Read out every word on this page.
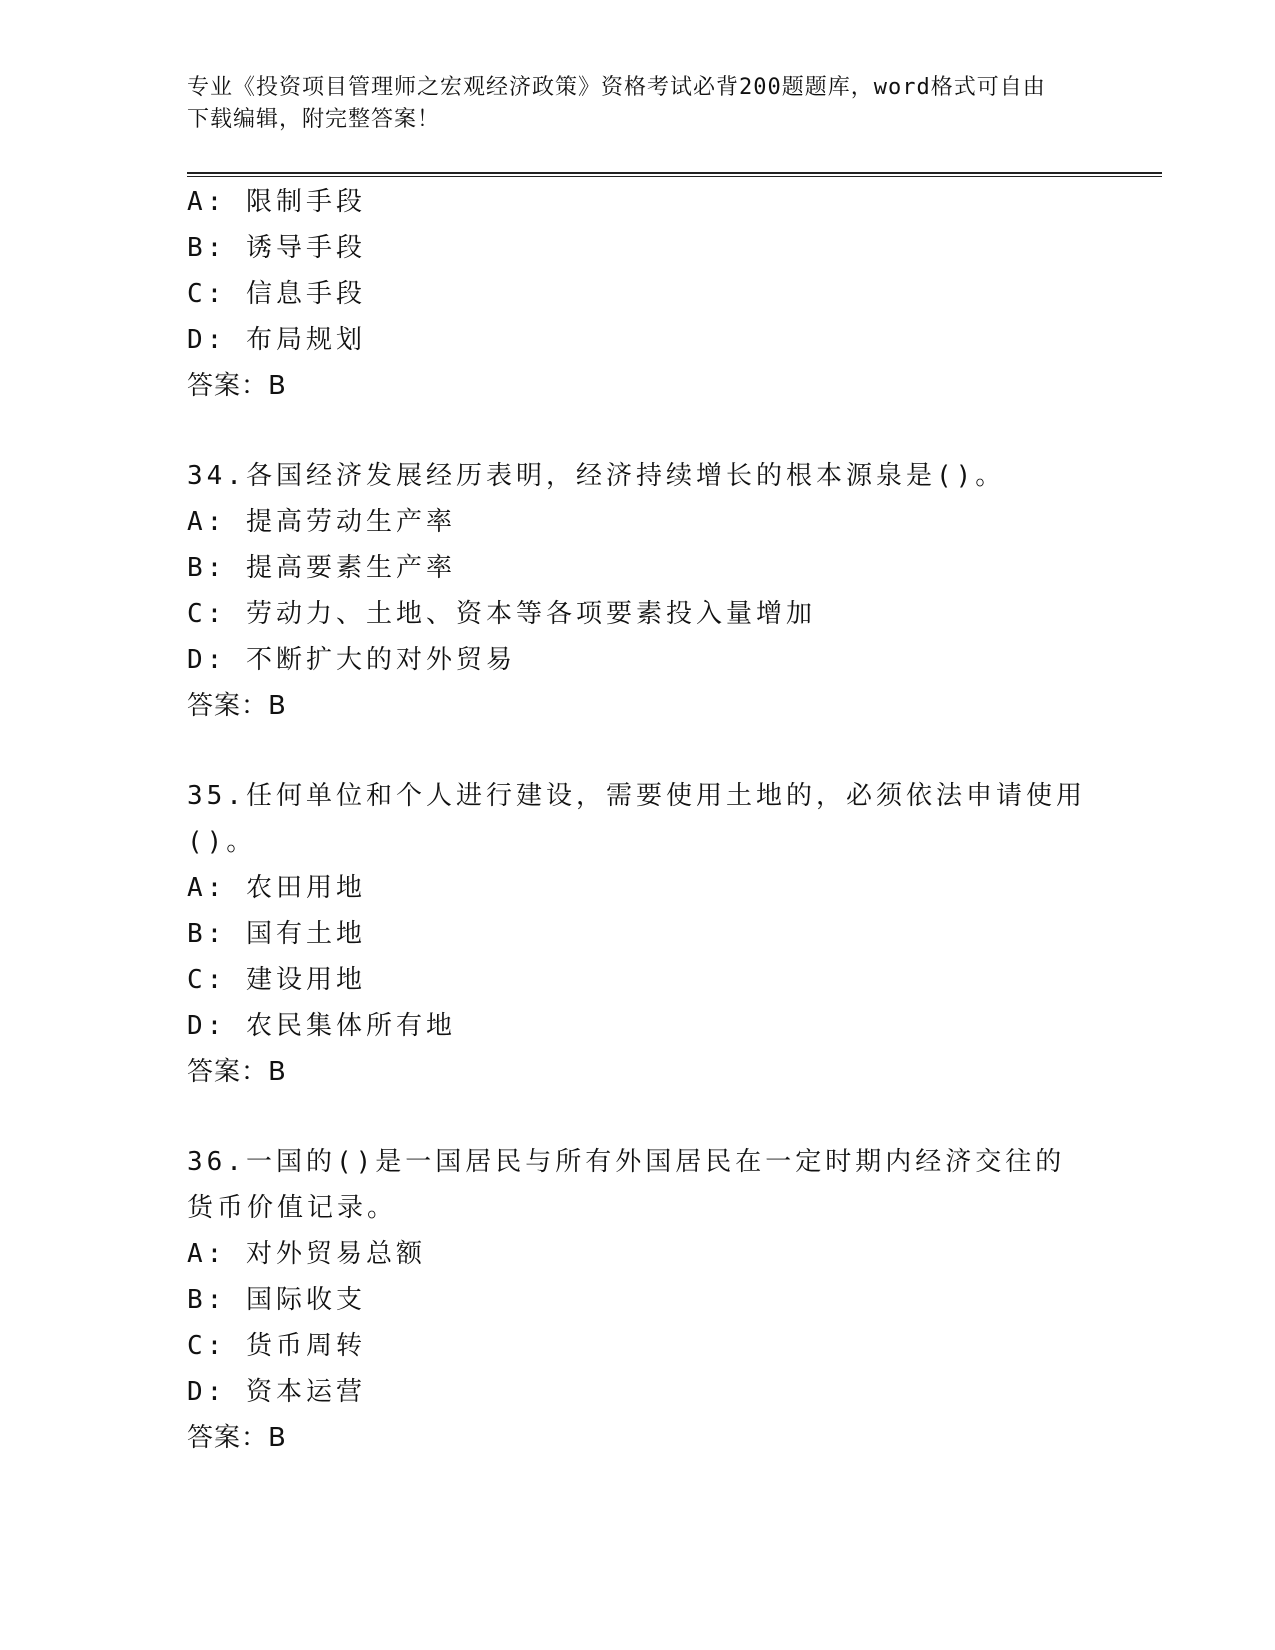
专业《投资项目管理师之宏观经济政策》资格考试必背200题题库，word格式可自由下载编辑，附完整答案！
A: 限制手段
B: 诱导手段
C: 信息手段
D: 布局规划
答案：B
34.各国经济发展经历表明，经济持续增长的根本源泉是()。
A: 提高劳动生产率
B: 提高要素生产率
C: 劳动力、土地、资本等各项要素投入量增加
D: 不断扩大的对外贸易
答案：B
35.任何单位和个人进行建设，需要使用土地的，必须依法申请使用()。
A: 农田用地
B: 国有土地
C: 建设用地
D: 农民集体所有地
答案：B
36.一国的()是一国居民与所有外国居民在一定时期内经济交往的货币价值记录。
A: 对外贸易总额
B: 国际收支
C: 货币周转
D: 资本运营
答案：B
